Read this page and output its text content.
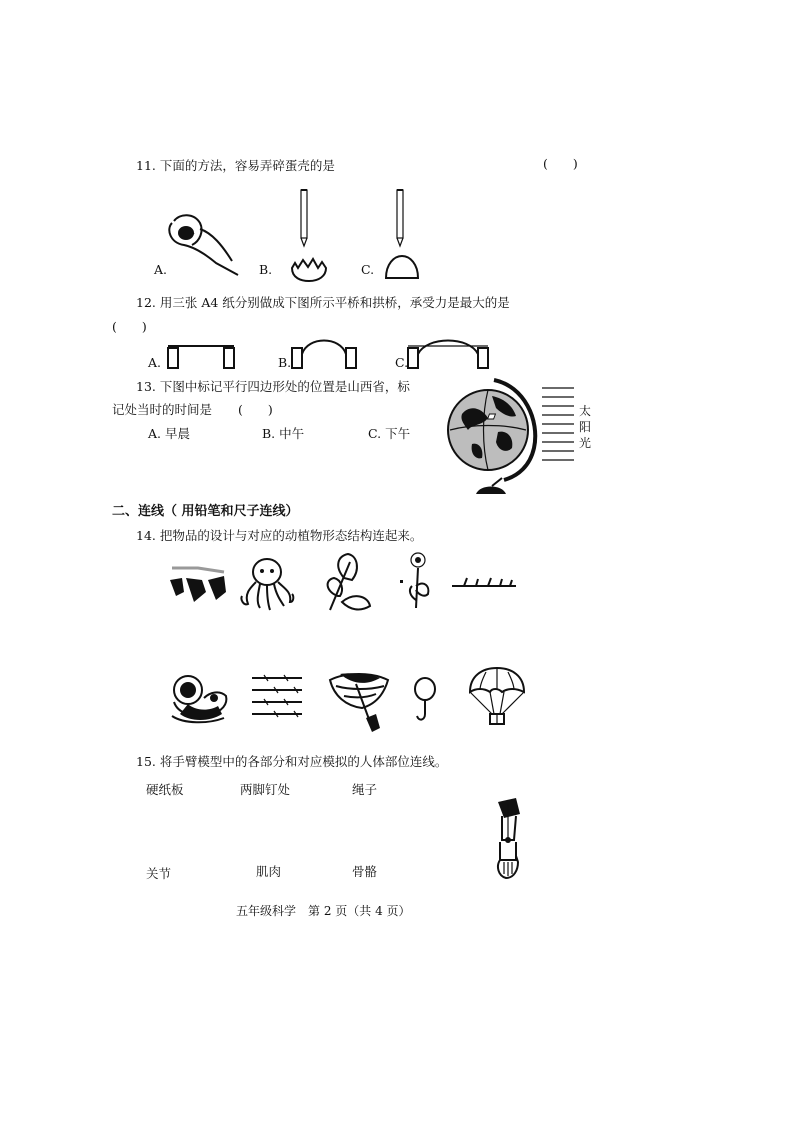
11. 下面的方法，容易弄碎蛋壳的是	(　　)
A.	B.	C.
12. 用三张 A4 纸分别做成下图所示平桥和拱桥，承受力是最大的是
(　　)
A.	B.	C.
13. 下图中标记平行四边形处的位置是山西省，标
记处当时的时间是 (　　)
A. 早晨	B. 中午	C. 下午
太
阳
光
二、连线（ 用铅笔和尺子连线）
14. 把物品的设计与对应的动植物形态结构连起来。
15. 将手臂模型中的各部分和对应模拟的人体部位连线。
硬纸板	两脚钉处	绳子
关节	肌肉	骨骼
五年级科学　第 2 页（共 4 页）
